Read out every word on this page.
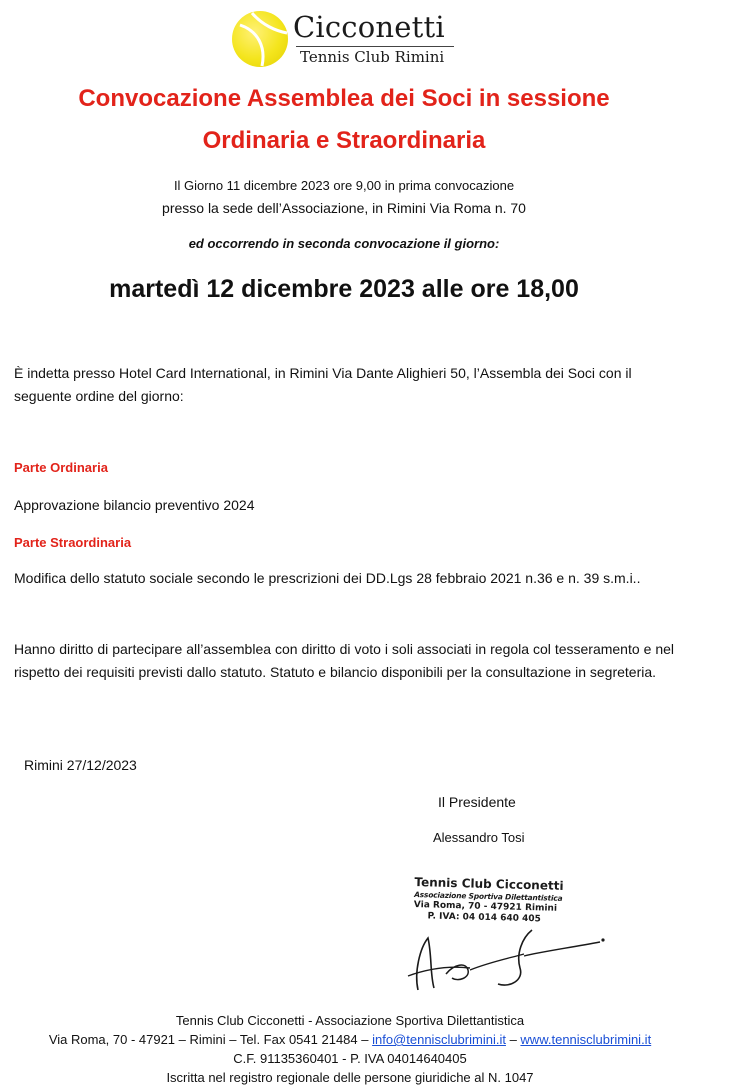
Cicconetti
Tennis Club Rimini
Convocazione Assemblea dei Soci in sessione
Ordinaria e Straordinaria
Il Giorno 11 dicembre 2023 ore 9,00 in prima convocazione
presso la sede dell’Associazione, in Rimini Via Roma n. 70
ed occorrendo in seconda convocazione il giorno:
martedì 12 dicembre 2023 alle ore 18,00
È indetta presso Hotel Card International, in Rimini Via Dante Alighieri 50, l’Assembla dei Soci con il seguente ordine del giorno:
Parte Ordinaria
Approvazione bilancio preventivo 2024
Parte Straordinaria
Modifica dello statuto sociale secondo le prescrizioni dei DD.Lgs 28 febbraio 2021 n.36 e n. 39 s.m.i..
Hanno diritto di partecipare all’assemblea con diritto di voto i soli associati in regola col tesseramento e nel rispetto dei requisiti previsti dallo statuto. Statuto e bilancio disponibili per la consultazione in segreteria.
Rimini 27/12/2023
Il Presidente
Alessandro Tosi
Tennis Club Cicconetti
Associazione Sportiva Dilettantistica
Via Roma, 70 - 47921 Rimini
P. IVA: 04 014 640 405
Tennis Club Cicconetti - Associazione Sportiva Dilettantistica
Via Roma, 70 - 47921 – Rimini – Tel. Fax 0541 21484 – info@tennisclubrimini.it – www.tennisclubrimini.it
C.F. 91135360401 - P. IVA 04014640405
Iscritta nel registro regionale delle persone giuridiche al N. 1047
